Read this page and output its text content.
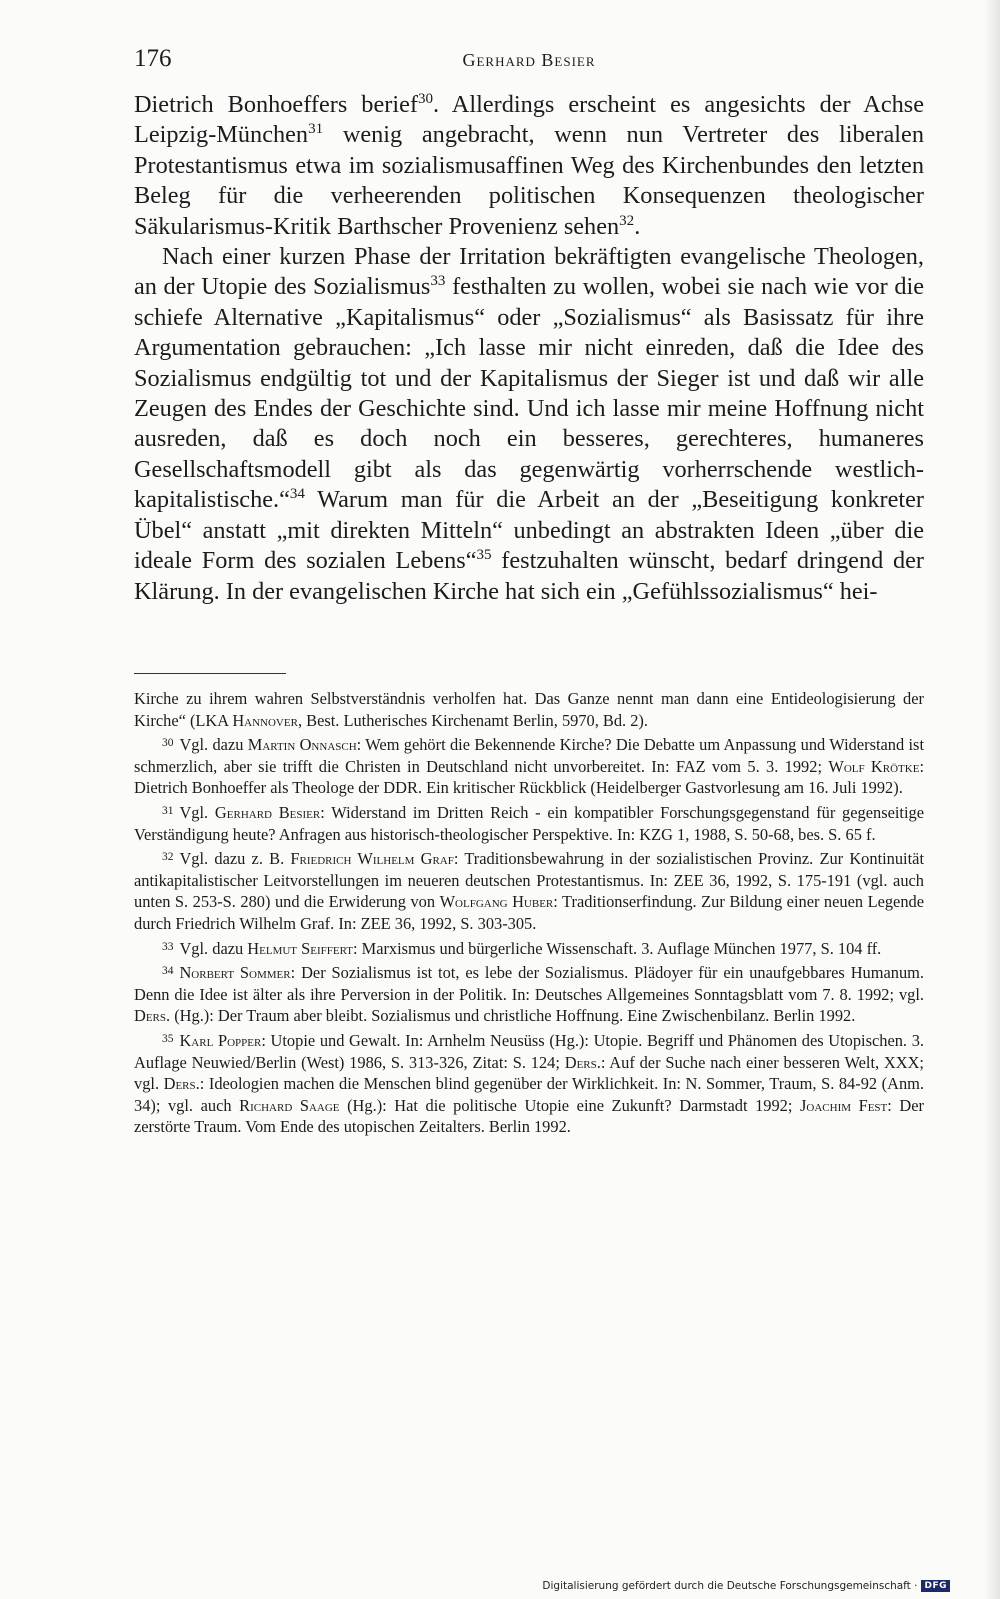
176	Gerhard Besier

Dietrich Bonhoeffers berief$^{30}$. Allerdings erscheint es angesichts der Achse Leipzig-München$^{31}$ wenig angebracht, wenn nun Vertreter des liberalen Protestantismus etwa im sozialismusaffinen Weg des Kirchenbundes den letzten Beleg für die verheerenden politischen Konsequenzen theologischer Säkularismus-Kritik Barthscher Provenienz sehen$^{32}$.

Nach einer kurzen Phase der Irritation bekräftigten evangelische Theologen, an der Utopie des Sozialismus$^{33}$ festhalten zu wollen, wobei sie nach wie vor die schiefe Alternative „Kapitalismus“ oder „Sozialismus“ als Basissatz für ihre Argumentation gebrauchen: „Ich lasse mir nicht einreden, daß die Idee des Sozialismus endgültig tot und der Kapitalismus der Sieger ist und daß wir alle Zeugen des Endes der Geschichte sind. Und ich lasse mir meine Hoffnung nicht ausreden, daß es doch noch ein besseres, gerechteres, humaneres Gesellschaftsmodell gibt als das gegenwärtig vorherrschende westlich-kapitalistische.“$^{34}$ Warum man für die Arbeit an der „Beseitigung konkreter Übel“ anstatt „mit direkten Mitteln“ unbedingt an abstrakten Ideen „über die ideale Form des sozialen Lebens“$^{35}$ festzuhalten wünscht, bedarf dringend der Klärung. In der evangelischen Kirche hat sich ein „Gefühlssozialismus“ hei-

Kirche zu ihrem wahren Selbstverständnis verholfen hat. Das Ganze nennt man dann eine Entideologisierung der Kirche“ (LKA Hannover, Best. Lutherisches Kirchenamt Berlin, 5970, Bd. 2).

$^{30}$ Vgl. dazu Martin Onnasch: Wem gehört die Bekennende Kirche? Die Debatte um Anpassung und Widerstand ist schmerzlich, aber sie trifft die Christen in Deutschland nicht unvorbereitet. In: FAZ vom 5. 3. 1992; Wolf Krötke: Dietrich Bonhoeffer als Theologe der DDR. Ein kritischer Rückblick (Heidelberger Gastvorlesung am 16. Juli 1992).

$^{31}$ Vgl. Gerhard Besier: Widerstand im Dritten Reich - ein kompatibler Forschungsgegenstand für gegenseitige Verständigung heute? Anfragen aus historisch-theologischer Perspektive. In: KZG 1, 1988, S. 50-68, bes. S. 65 f.

$^{32}$ Vgl. dazu z. B. Friedrich Wilhelm Graf: Traditionsbewahrung in der sozialistischen Provinz. Zur Kontinuität antikapitalistischer Leitvorstellungen im neueren deutschen Protestantismus. In: ZEE 36, 1992, S. 175-191 (vgl. auch unten S. 253-S. 280) und die Erwiderung von Wolfgang Huber: Traditionserfindung. Zur Bildung einer neuen Legende durch Friedrich Wilhelm Graf. In: ZEE 36, 1992, S. 303-305.

$^{33}$ Vgl. dazu Helmut Seiffert: Marxismus und bürgerliche Wissenschaft. 3. Auflage München 1977, S. 104 ff.

$^{34}$ Norbert Sommer: Der Sozialismus ist tot, es lebe der Sozialismus. Plädoyer für ein unaufgebbares Humanum. Denn die Idee ist älter als ihre Perversion in der Politik. In: Deutsches Allgemeines Sonntagsblatt vom 7. 8. 1992; vgl. Ders. (Hg.): Der Traum aber bleibt. Sozialismus und christliche Hoffnung. Eine Zwischenbilanz. Berlin 1992.

$^{35}$ Karl Popper: Utopie und Gewalt. In: Arnhelm Neusüss (Hg.): Utopie. Begriff und Phänomen des Utopischen. 3. Auflage Neuwied/Berlin (West) 1986, S. 313-326, Zitat: S. 124; Ders.: Auf der Suche nach einer besseren Welt, XXX; vgl. Ders.: Ideologien machen die Menschen blind gegenüber der Wirklichkeit. In: N. Sommer, Traum, S. 84-92 (Anm. 34); vgl. auch Richard Saage (Hg.): Hat die politische Utopie eine Zukunft? Darmstadt 1992; Joachim Fest: Der zerstörte Traum. Vom Ende des utopischen Zeitalters. Berlin 1992.

Digitalisierung gefördert durch die Deutsche Forschungsgemeinschaft · DFG
